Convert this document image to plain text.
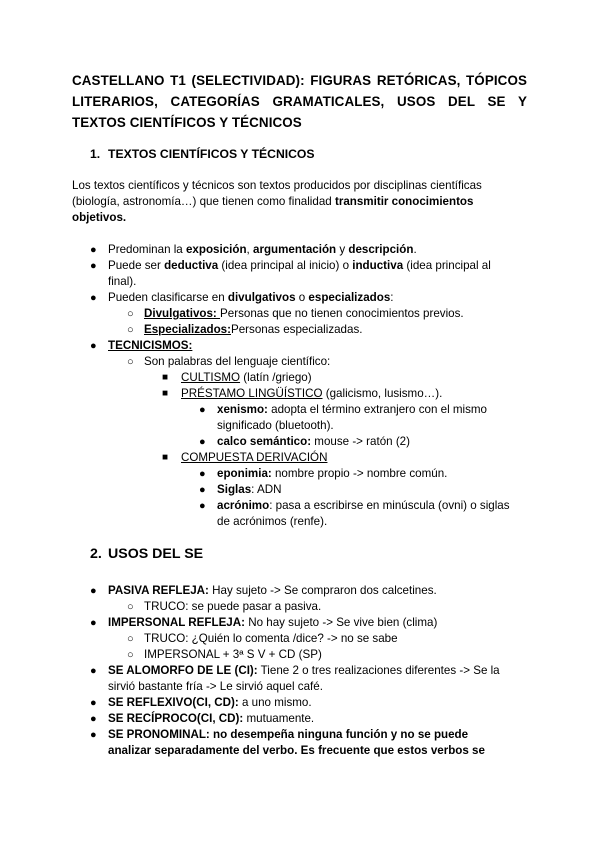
CASTELLANO T1 (SELECTIVIDAD): FIGURAS RETÓRICAS, TÓPICOS LITERARIOS, CATEGORÍAS GRAMATICALES, USOS DEL SE Y TEXTOS CIENTÍFICOS Y TÉCNICOS
1. TEXTOS CIENTÍFICOS Y TÉCNICOS
Los textos científicos y técnicos son textos producidos por disciplinas científicas (biología, astronomía…) que tienen como finalidad transmitir conocimientos objetivos.
● Predominan la exposición, argumentación y descripción.
● Puede ser deductiva (idea principal al inicio) o inductiva (idea principal al
final).
● Pueden clasificarse en divulgativos o especializados:
○ Divulgativos: Personas que no tienen conocimientos previos.
○ Especializados:Personas especializadas.
● TECNICISMOS:
○ Son palabras del lenguaje científico:
■ CULTISMO (latín /griego)
■ PRÉSTAMO LINGÜÍSTICO (galicismo, lusismo…).
● xenismo: adopta el término extranjero con el mismo
significado (bluetooth).
● calco semántico: mouse -> ratón (2)
■ COMPUESTA DERIVACIÓN
● eponimia: nombre propio -> nombre común.
● Siglas: ADN
● acrónimo: pasa a escribirse en minúscula (ovni) o siglas
de acrónimos (renfe).
2. USOS DEL SE
● PASIVA REFLEJA: Hay sujeto -> Se compraron dos calcetines.
○ TRUCO: se puede pasar a pasiva.
● IMPERSONAL REFLEJA: No hay sujeto -> Se vive bien (clima)
○ TRUCO: ¿Quién lo comenta /dice? -> no se sabe
○ IMPERSONAL + 3ª S V + CD (SP)
● SE ALOMORFO DE LE (CI): Tiene 2 o tres realizaciones diferentes -> Se la
sirvió bastante fría -> Le sirvió aquel café.
● SE REFLEXIVO(CI, CD): a uno mismo.
● SE RECÍPROCO(CI, CD): mutuamente.
● SE PRONOMINAL: no desempeña ninguna función y no se puede
analizar separadamente del verbo. Es frecuente que estos verbos se
